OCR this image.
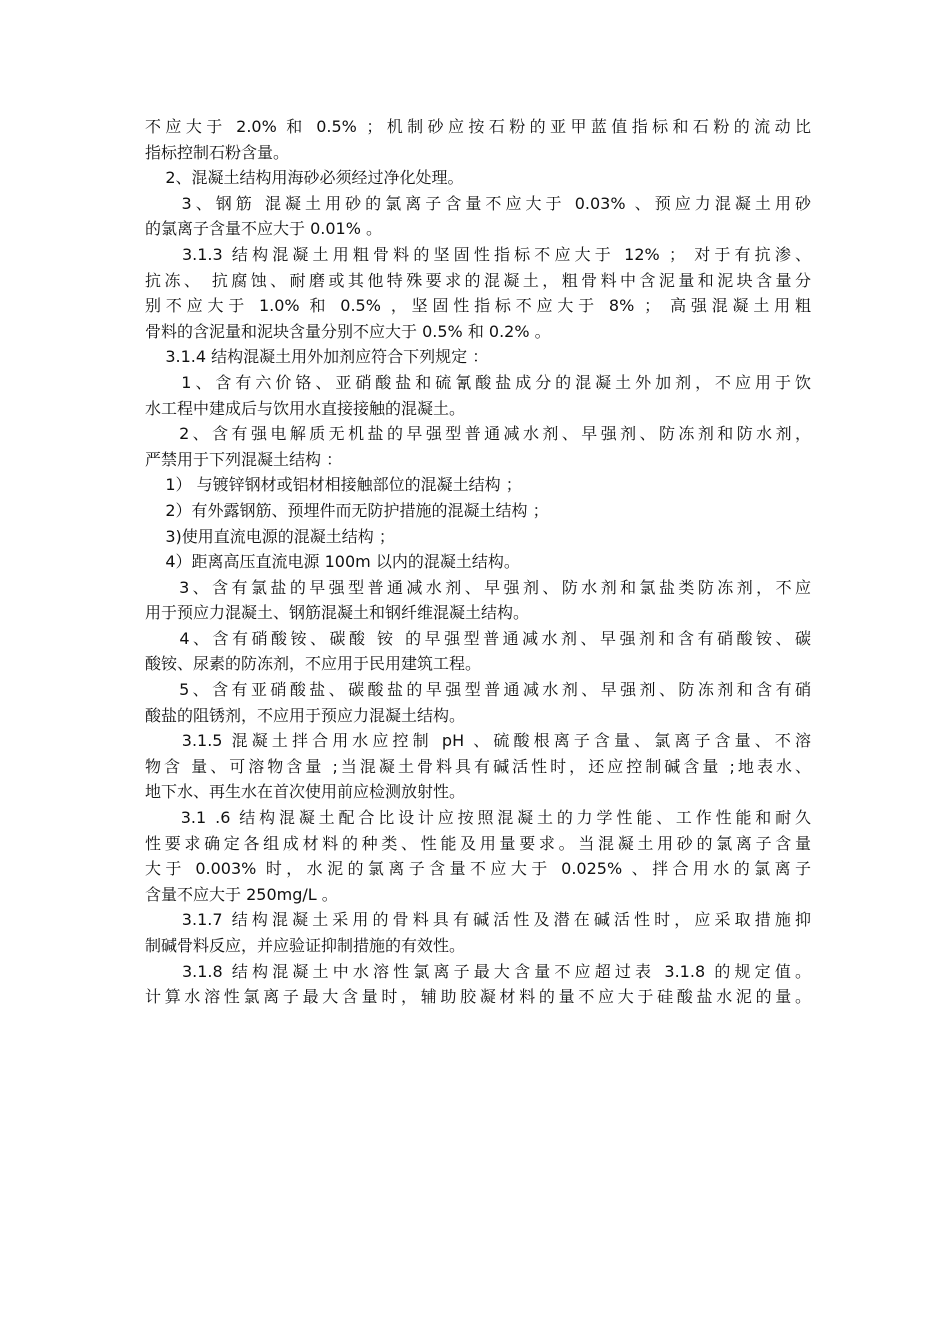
不应大于 2.0% 和 0.5% ；机制砂应按石粉的亚甲蓝值指标和石粉的流动比
指标控制石粉含量。
2、混凝土结构用海砂必须经过净化处理。
3、钢筋 混凝土用砂的氯离子含量不应大于 0.03% 、预应力混凝土用砂
的氯离子含量不应大于 0.01% 。
3.1.3 结构混凝土用粗骨料的坚固性指标不应大于 12% ； 对于有抗渗、
抗冻、 抗腐蚀、耐磨或其他特殊要求的混凝土，粗骨料中含泥量和泥块含量分
别不应大于 1.0% 和 0.5% ，坚固性指标不应大于 8% ； 高强混凝土用粗
骨料的含泥量和泥块含量分别不应大于 0.5% 和 0.2% 。
3.1.4 结构混凝土用外加剂应符合下列规定 ：
1、含有六价铬、亚硝酸盐和硫氰酸盐成分的混凝土外加剂，不应用于饮
水工程中建成后与饮用水直接接触的混凝土。
2、含有强电解质无机盐的早强型普通减水剂、早强剂、防冻剂和防水剂，
严禁用于下列混凝土结构 ：
1） 与镀锌钢材或铝材相接触部位的混凝土结构 ；
2）有外露钢筋、预埋件而无防护措施的混凝土结构 ；
3)使用直流电源的混凝土结构 ；
4）距离高压直流电源 100m 以内的混凝土结构。
3、含有氯盐的早强型普通减水剂、早强剂、防水剂和氯盐类防冻剂，不应
用于预应力混凝土、钢筋混凝土和钢纤维混凝土结构。
4、含有硝酸铵、碳酸 铵 的早强型普通减水剂、早强剂和含有硝酸铵、碳
酸铵、尿素的防冻剂，不应用于民用建筑工程。
5、含有亚硝酸盐、碳酸盐的早强型普通减水剂、早强剂、防冻剂和含有硝
酸盐的阻锈剂，不应用于预应力混凝土结构。
3.1.5 混凝土拌合用水应控制 pH 、硫酸根离子含量、氯离子含量、不溶
物含 量、可溶物含量 ;当混凝土骨料具有碱活性时，还应控制碱含量 ;地表水、
地下水、再生水在首次使用前应检测放射性。
3.1 .6 结构混凝土配合比设计应按照混凝土的力学性能、工作性能和耐久
性要求确定各组成材料的种类、性能及用量要求。当混凝土用砂的氯离子含量
大于 0.003% 时，水泥的氯离子含量不应大于 0.025% 、拌合用水的氯离子
含量不应大于 250mg/L 。
3.1.7 结构混凝土采用的骨料具有碱活性及潜在碱活性时，应采取措施抑
制碱骨料反应，并应验证抑制措施的有效性。
3.1.8 结构混凝土中水溶性氯离子最大含量不应超过表 3.1.8 的规定值。
计算水溶性氯离子最大含量时，辅助胶凝材料的量不应大于硅酸盐水泥的量。
